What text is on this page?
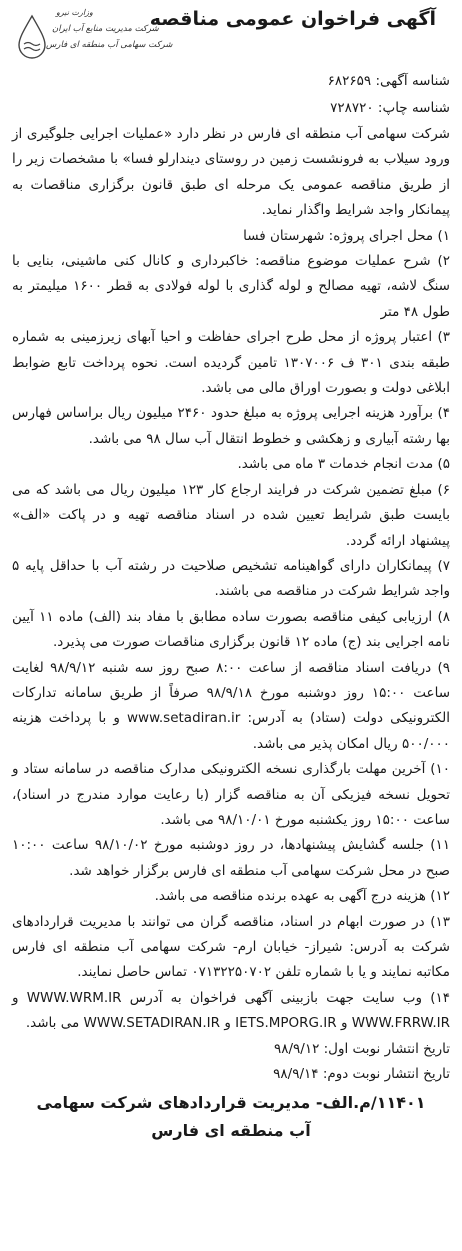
وزارت نیرو
شرکت مدیریت منابع آب ایران
شرکت سهامی آب منطقه ای فارس
آگهی فراخوان عمومی مناقصه
شناسه آگهی: ۶۸۲۶۵۹
شناسه چاپ: ۷۲۸۷۲۰

شرکت سهامی آب منطقه ای فارس در نظر دارد «عملیات اجرایی جلوگیری از ورود سیلاب به فرونشست زمین در روستای دیندارلو فسا» با مشخصات زیر را از طریق مناقصه عمومی یک مرحله ای طبق قانون برگزاری مناقصات به پیمانکار واجد شرایط واگذار نماید.

۱) محل اجرای پروژه: شهرستان فسا

۲) شرح عملیات موضوع مناقصه: خاکبرداری و کانال کنی ماشینی، بنایی با سنگ لاشه، تهیه مصالح و لوله گذاری با لوله فولادی به قطر ۱۶۰۰ میلیمتر به طول ۴۸ متر

۳) اعتبار پروژه از محل طرح اجرای حفاظت و احیا آبهای زیرزمینی به شماره طبقه بندی ۳۰۱ ف ۱۳۰۷۰۰۶ تامین گردیده است. نحوه پرداخت تابع ضوابط ابلاغی دولت و بصورت اوراق مالی می باشد.

۴) برآورد هزینه اجرایی پروژه به مبلغ حدود ۲۴۶۰ میلیون ریال براساس فهارس بها رشته آبیاری و زهکشی و خطوط انتقال آب سال ۹۸ می باشد.

۵) مدت انجام خدمات ۳ ماه می باشد.

۶) مبلغ تضمین شرکت در فرایند ارجاع کار ۱۲۳ میلیون ریال می باشد که می بایست طبق شرایط تعیین شده در اسناد مناقصه تهیه و در پاکت «الف» پیشنهاد ارائه گردد.

۷) پیمانکاران دارای گواهینامه تشخیص صلاحیت در رشته آب با حداقل پایه ۵ واجد شرایط شرکت در مناقصه می باشند.

۸) ارزیابی کیفی مناقصه بصورت ساده مطابق با مفاد بند (الف) ماده ۱۱ آیین نامه اجرایی بند (ج) ماده ۱۲ قانون برگزاری مناقصات صورت می پذیرد.

۹) دریافت اسناد مناقصه از ساعت ۸:۰۰ صبح روز سه شنبه ۹۸/۹/۱۲ لغایت ساعت ۱۵:۰۰ روز دوشنبه مورخ ۹۸/۹/۱۸ صرفاً از طریق سامانه تدارکات الکترونیکی دولت (ستاد) به آدرس: www.setadiran.ir و با پرداخت هزینه ۵۰۰/۰۰۰ ریال امکان پذیر می باشد.

۱۰) آخرین مهلت بارگذاری نسخه الکترونیکی مدارک مناقصه در سامانه ستاد و تحویل نسخه فیزیکی آن به مناقصه گزار (با رعایت موارد مندرج در اسناد)، ساعت ۱۵:۰۰ روز یکشنبه مورخ ۹۸/۱۰/۰۱ می باشد.

۱۱) جلسه گشایش پیشنهادها، در روز دوشنبه مورخ ۹۸/۱۰/۰۲ ساعت ۱۰:۰۰ صبح در محل شرکت سهامی آب منطقه ای فارس برگزار خواهد شد.

۱۲) هزینه درج آگهی به عهده برنده مناقصه می باشد.

۱۳) در صورت ابهام در اسناد، مناقصه گران می توانند با مدیریت قراردادهای شرکت به آدرس: شیراز- خیابان ارم- شرکت سهامی آب منطقه ای فارس مکاتبه نمایند و یا با شماره تلفن ۰۷۱۳۲۲۵۰۷۰۲ تماس حاصل نمایند.

۱۴) وب سایت جهت بازبینی آگهی فراخوان به آدرس WWW.WRM.IR و WWW.FRRW.IR و IETS.MPORG.IR و WWW.SETADIRAN.IR می باشد.

تاریخ انتشار نوبت اول: ۹۸/۹/۱۲
تاریخ انتشار نوبت دوم: ۹۸/۹/۱۴
۱۱۴۰۱/م.الف- مدیریت قراردادهای شرکت سهامی
آب منطقه ای فارس
